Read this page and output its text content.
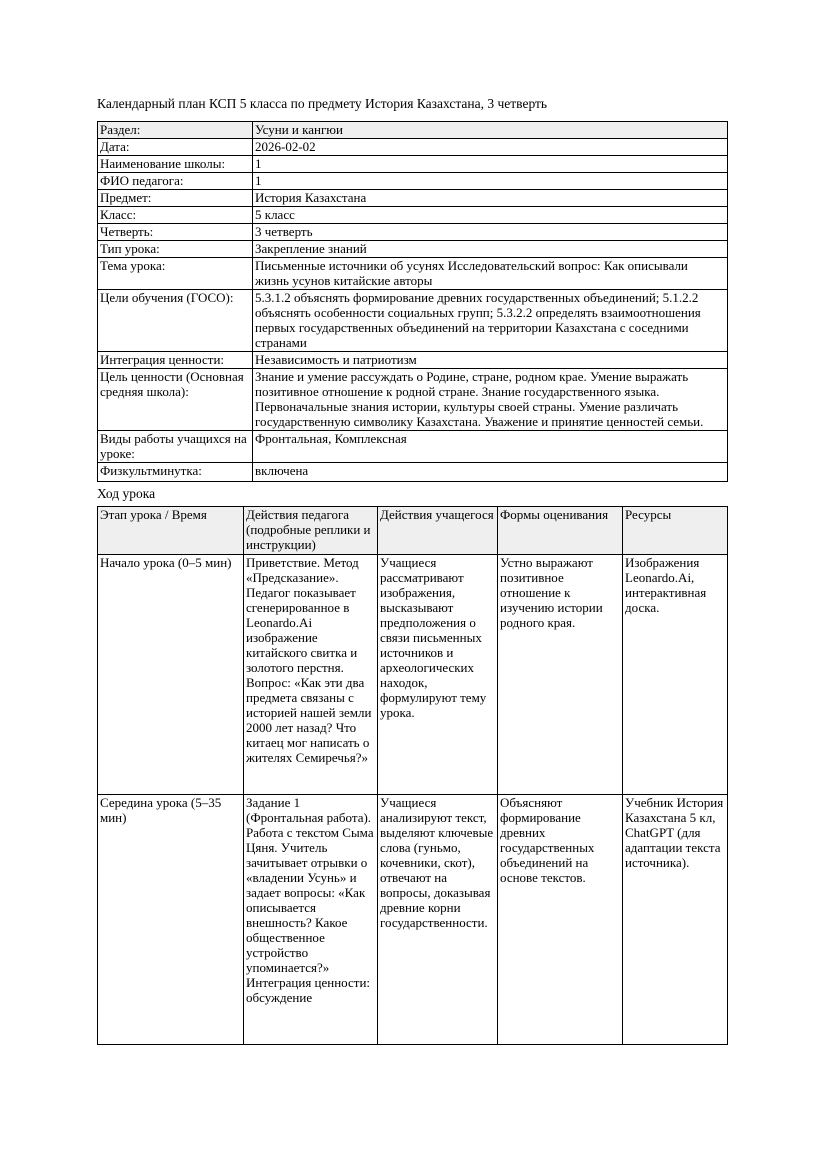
Календарный план КСП 5 класса по предмету История Казахстана, 3 четверть
Раздел:	Усуни и кангюи
Дата:	2026-02-02
Наименование школы:	1
ФИО педагога:	1
Предмет:	История Казахстана
Класс:	5 класс
Четверть:	3 четверть
Тип урока:	Закрепление знаний
Тема урока:	Письменные источники об усунях Исследовательский вопрос: Как описывали жизнь усунов китайские авторы
Цели обучения (ГОСО):	5.3.1.2 объяснять формирование древних государственных объединений; 5.1.2.2 объяснять особенности социальных групп; 5.3.2.2 определять взаимоотношения первых государственных объединений на территории Казахстана с соседними странами
Интеграция ценности:	Независимость и патриотизм
Цель ценности (Основная средняя школа):	Знание и умение рассуждать о Родине, стране, родном крае. Умение выражать позитивное отношение к родной стране. Знание государственного языка. Первоначальные знания истории, культуры своей страны. Умение различать государственную символику Казахстана. Уважение и принятие ценностей семьи.
Виды работы учащихся на уроке:	Фронтальная, Комплексная
Физкультминутка:	включена
Ход урока
Этап урока / Время	Действия педагога (подробные реплики и инструкции)	Действия учащегося	Формы оценивания	Ресурсы
Начало урока (0–5 мин)	Приветствие. Метод «Предсказание». Педагог показывает сгенерированное в Leonardo.Ai изображение китайского свитка и золотого перстня. Вопрос: «Как эти два предмета связаны с историей нашей земли 2000 лет назад? Что китаец мог написать о жителях Семиречья?»	Учащиеся рассматривают изображения, высказывают предположения о связи письменных источников и археологических находок, формулируют тему урока.	Устно выражают позитивное отношение к изучению истории родного края.	Изображения Leonardo.Ai, интерактивная доска.
Середина урока (5–35 мин)	Задание 1 (Фронтальная работа). Работа с текстом Сыма Цяня. Учитель зачитывает отрывки о «владении Усунь» и задает вопросы: «Как описывается внешность? Какое общественное устройство упоминается?» Интеграция ценности: обсуждение	Учащиеся анализируют текст, выделяют ключевые слова (гуньмо, кочевники, скот), отвечают на вопросы, доказывая древние корни государственности.	Объясняют формирование древних государственных объединений на основе текстов.	Учебник История Казахстана 5 кл, ChatGPT (для адаптации текста источника).
